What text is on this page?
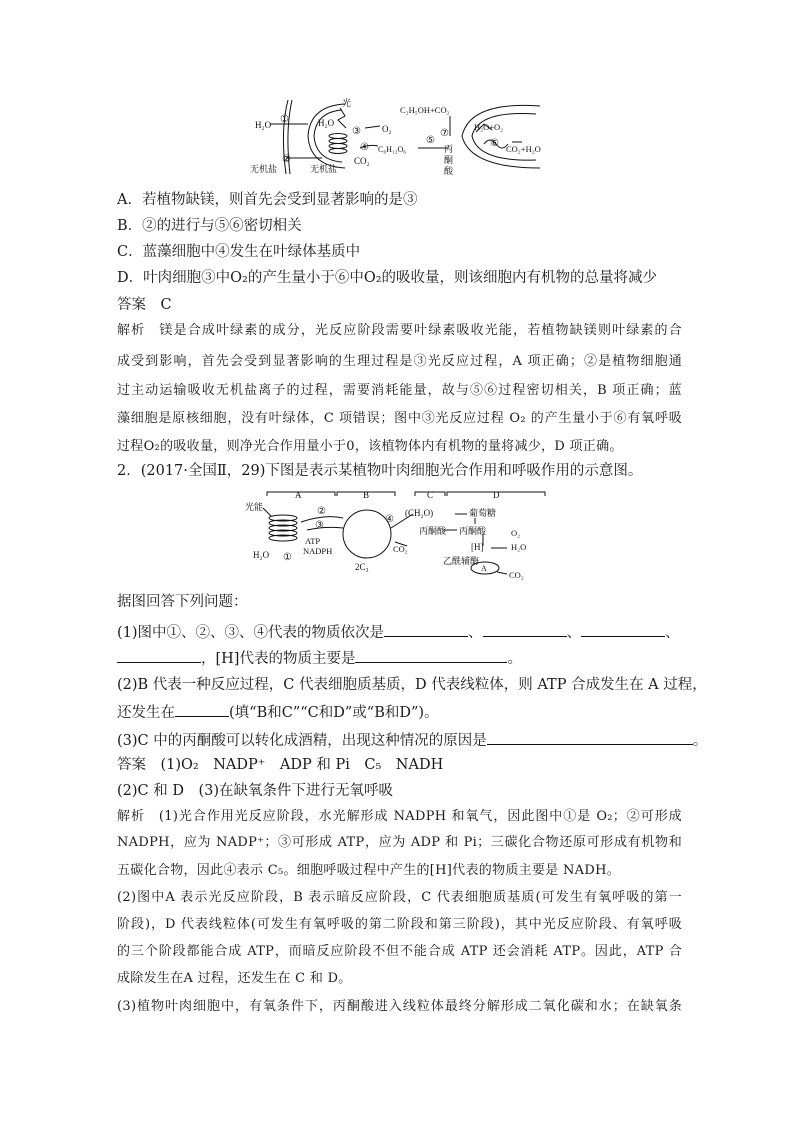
H₂O ①	H₂O
光
③ O₂
④
CO₂
C₆H₁₂O₆
⑤
C₂H₅OH+CO₂
⑦
丙
酮
酸
H₂O+O₂
⑥ CO₂+H₂O
无机盐
②
无机盐
A．若植物缺镁，则首先会受到显著影响的是③
B．②的进行与⑤⑥密切相关
C．蓝藻细胞中④发生在叶绿体基质中
D．叶肉细胞③中O₂的产生量小于⑥中O₂的吸收量，则该细胞内有机物的总量将减少
答案　C
解析　镁是合成叶绿素的成分，光反应阶段需要叶绿素吸收光能，若植物缺镁则叶绿素的合
成受到影响，首先会受到显著影响的生理过程是③光反应过程，A 项正确；②是植物细胞通
过主动运输吸收无机盐离子的过程，需要消耗能量，故与⑤⑥过程密切相关，B 项正确；蓝
藻细胞是原核细胞，没有叶绿体，C 项错误；图中③光反应过程 O₂ 的产生量小于⑥有氧呼吸
过程O₂的吸收量，则净光合作用量小于0，该植物体内有机物的量将减少，D 项正确。
2．(2017·全国Ⅱ，29)下图是表示某植物叶肉细胞光合作用和呼吸作用的示意图。
A	B	C	D
光能	②
③
④
①
H₂O
ATP
NADPH
2C₃
CO₂
(CH₂O)	葡萄糖
丙酮酸 丙酮酸	O₂
[H]	H₂O
乙酰辅酶
A
CO₂
据图回答下列问题：
(1)图中①、②、③、④代表的物质依次是	、	、	、
，[H]代表的物质主要是	。
(2)B 代表一种反应过程，C 代表细胞质基质，D 代表线粒体，则 ATP 合成发生在 A 过程，
还发生在	(填“B和C”“C和D”或“B和D”)。
(3)C 中的丙酮酸可以转化成酒精，出现这种情况的原因是	。
答案　(1)O₂　NADP⁺　ADP 和 Pi　C₅　NADH
(2)C 和 D　(3)在缺氧条件下进行无氧呼吸
解析　(1)光合作用光反应阶段，水光解形成 NADPH 和氧气，因此图中①是 O₂；②可形成
NADPH，应为 NADP⁺；③可形成 ATP，应为 ADP 和 Pi；三碳化合物还原可形成有机物和
五碳化合物，因此④表示 C₅。细胞呼吸过程中产生的[H]代表的物质主要是 NADH。
(2)图中A 表示光反应阶段，B 表示暗反应阶段，C 代表细胞质基质(可发生有氧呼吸的第一
阶段)，D 代表线粒体(可发生有氧呼吸的第二阶段和第三阶段)，其中光反应阶段、有氧呼吸
的三个阶段都能合成 ATP，而暗反应阶段不但不能合成 ATP 还会消耗 ATP。因此，ATP 合
成除发生在A 过程，还发生在 C 和 D。
(3)植物叶肉细胞中，有氧条件下，丙酮酸进入线粒体最终分解形成二氧化碳和水；在缺氧条
